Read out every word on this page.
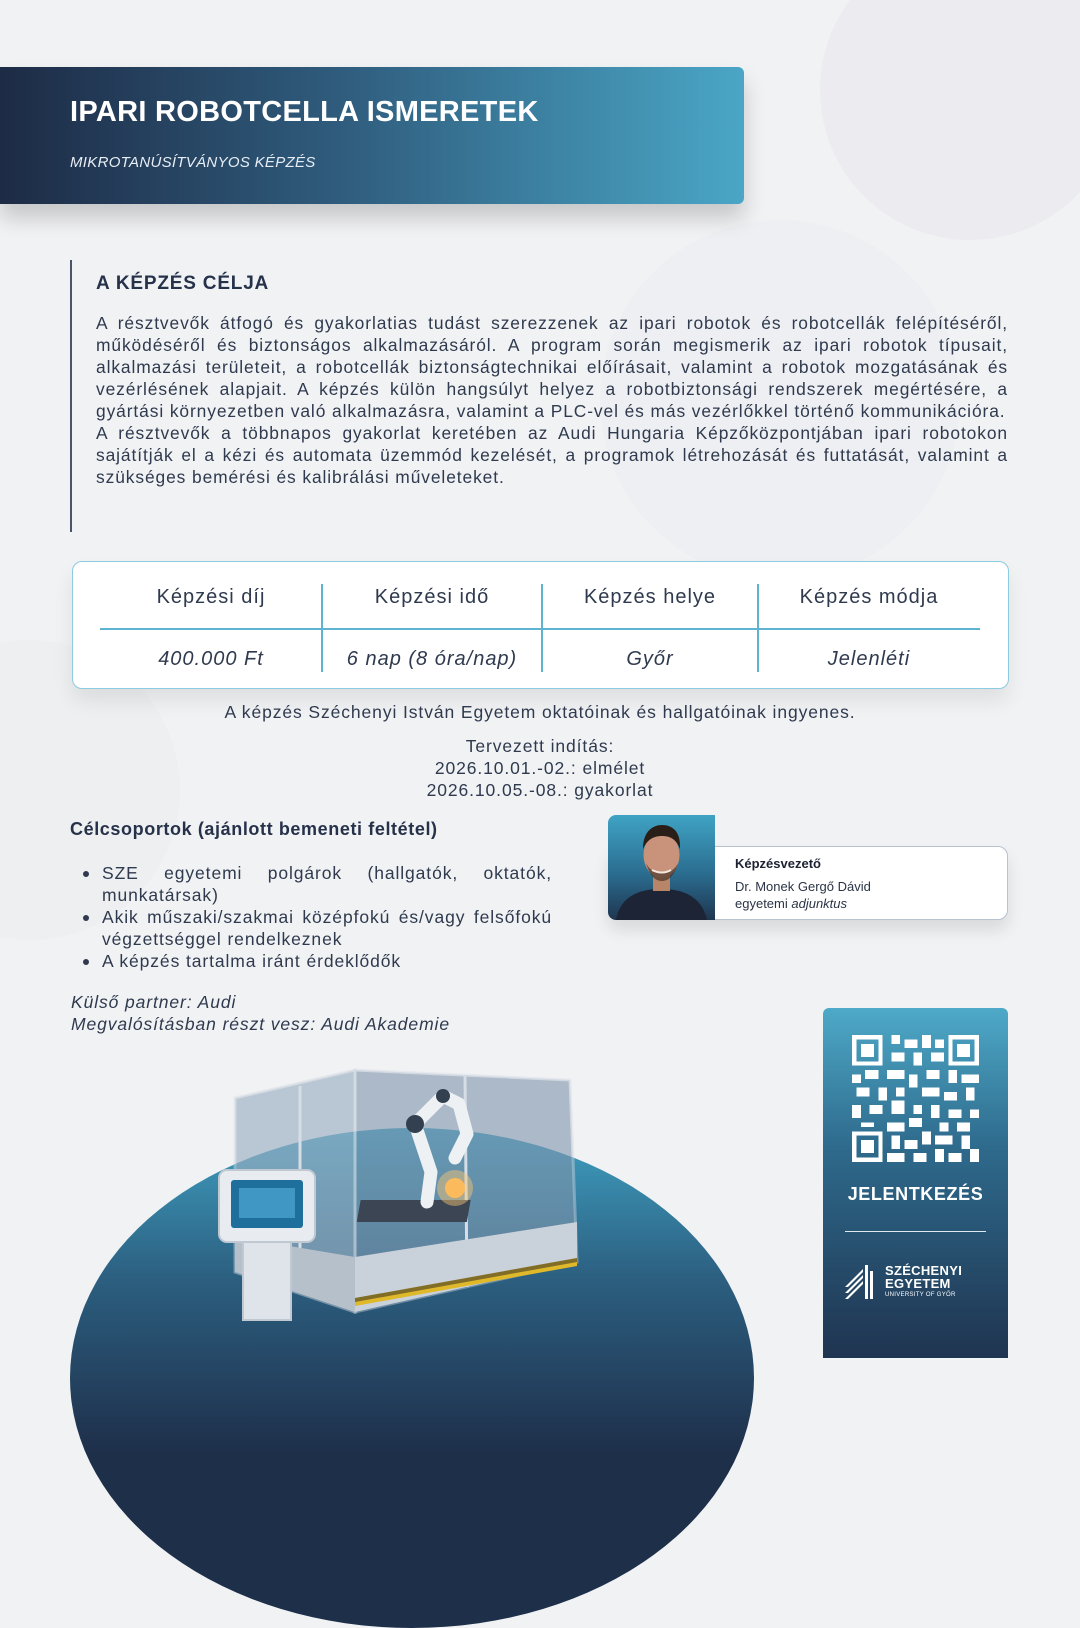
IPARI ROBOTCELLA ISMERETEK
MIKROTANÚSÍTVÁNYOS KÉPZÉS
A KÉPZÉS CÉLJA

A résztvevők átfogó és gyakorlatias tudást szerezzenek az ipari robotok és robotcellák felépítéséről, működéséről és biztonságos alkalmazásáról. A program során megismerik az ipari robotok típusait, alkalmazási területeit, a robotcellák biztonságtechnikai előírásait, valamint a robotok mozgatásának és vezérlésének alapjait. A képzés külön hangsúlyt helyez a robotbiztonsági rendszerek megértésére, a gyártási környezetben való alkalmazásra, valamint a PLC-vel és más vezérlőkkel történő kommunikációra.

A résztvevők a többnapos gyakorlat keretében az Audi Hungaria Képzőközpontjában ipari robotokon sajátítják el a kézi és automata üzemmód kezelését, a programok létrehozását és futtatását, valamint a szükséges bemérési és kalibrálási műveleteket.

Képzési díj
400.000 Ft
Képzési idő
6 nap (8 óra/nap)
Képzés helye
Győr
Képzés módja
Jelenléti
A képzés Széchenyi István Egyetem oktatóinak és hallgatóinak ingyenes.
Tervezett indítás:
2026.10.01.-02.: elmélet
2026.10.05.-08.: gyakorlat
Célcsoportok (ajánlott bemeneti feltétel)
SZE egyetemi polgárok (hallgatók, oktatók, munkatársak)
Akik műszaki/szakmai középfokú és/vagy felsőfokú végzettséggel rendelkeznek
A képzés tartalma iránt érdeklődők
Külső partner: Audi
Megvalósításban részt vesz: Audi Akademie
Képzésvezető
Dr. Monek Gergő Dávid
egyetemi adjunktus
JELENTKEZÉS
SZÉCHENYI
EGYETEM
UNIVERSITY OF GYŐR
